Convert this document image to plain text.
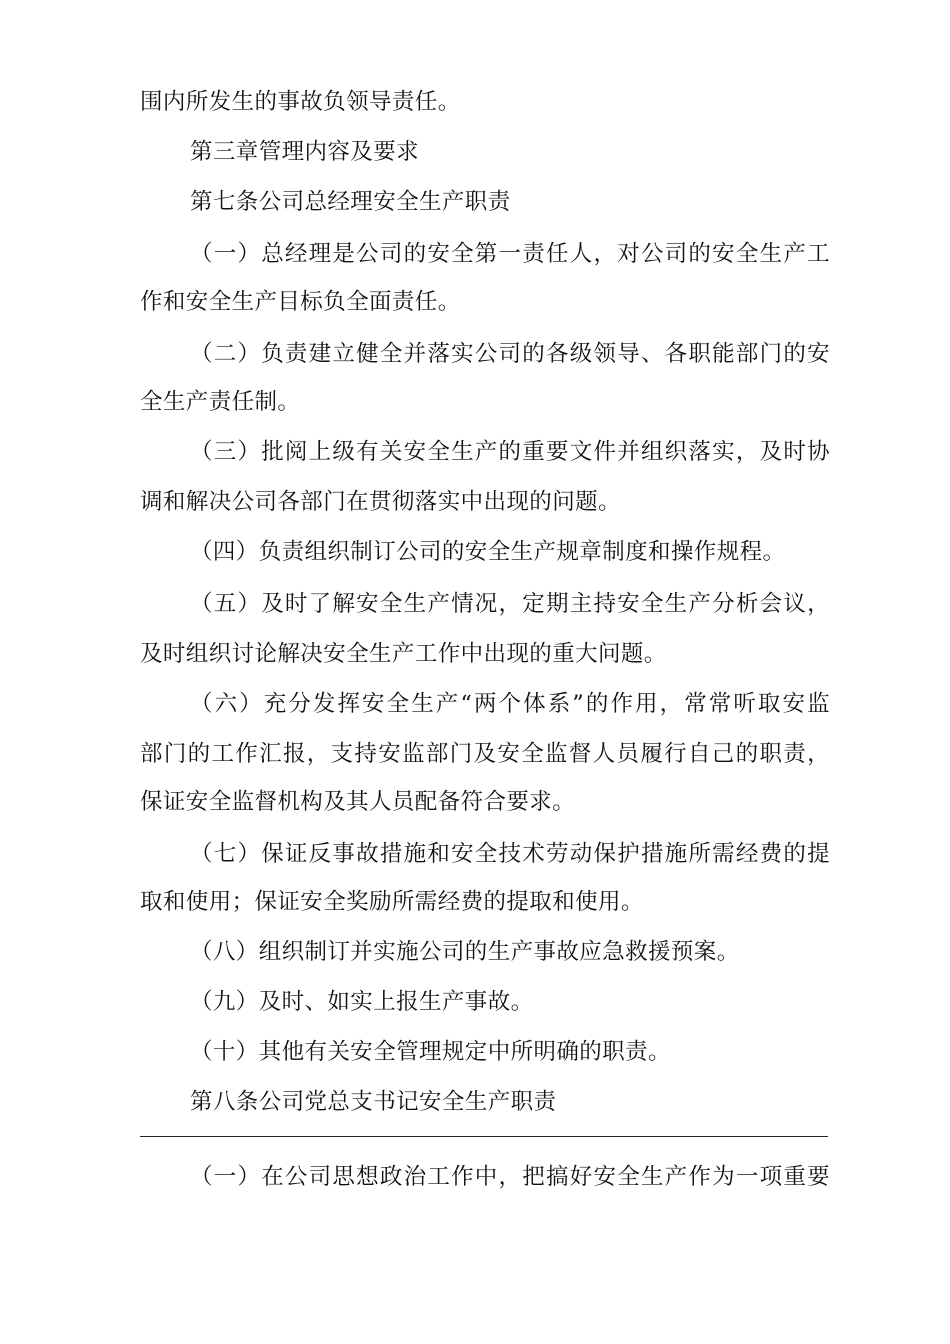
围内所发生的事故负领导责任。
第三章管理内容及要求
第七条公司总经理安全生产职责
（一）总经理是公司的安全第一责任人，对公司的安全生产工
作和安全生产目标负全面责任。
（二）负责建立健全并落实公司的各级领导、各职能部门的安
全生产责任制。
（三）批阅上级有关安全生产的重要文件并组织落实，及时协
调和解决公司各部门在贯彻落实中出现的问题。
（四）负责组织制订公司的安全生产规章制度和操作规程。
（五）及时了解安全生产情况，定期主持安全生产分析会议，
及时组织讨论解决安全生产工作中出现的重大问题。
（六）充分发挥安全生产“两个体系”的作用，常常听取安监
部门的工作汇报，支持安监部门及安全监督人员履行自己的职责，
保证安全监督机构及其人员配备符合要求。
（七）保证反事故措施和安全技术劳动保护措施所需经费的提
取和使用；保证安全奖励所需经费的提取和使用。
（八）组织制订并实施公司的生产事故应急救援预案。
（九）及时、如实上报生产事故。
（十）其他有关安全管理规定中所明确的职责。
第八条公司党总支书记安全生产职责
（一）在公司思想政治工作中，把搞好安全生产作为一项重要
